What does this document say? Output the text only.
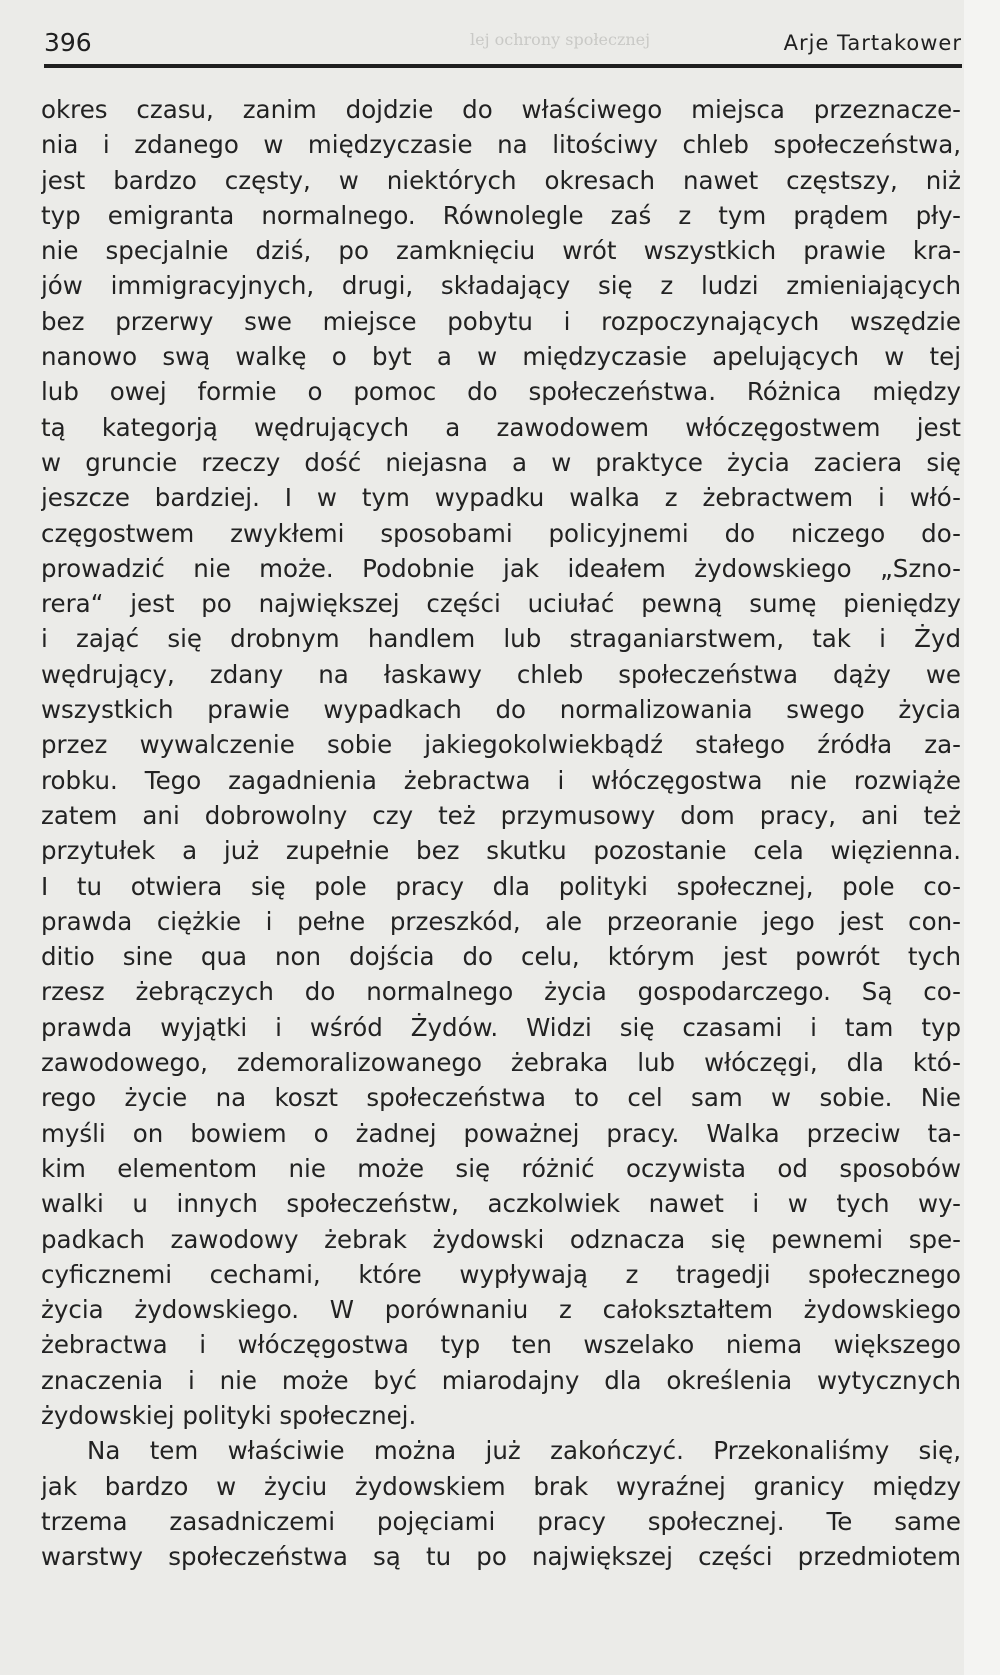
lej ochrony społecznej
396	Arje Tartakower
okres czasu, zanim dojdzie do właściwego miejsca przeznacze-
nia i zdanego w międzyczasie na litościwy chleb społeczeństwa,
jest bardzo częsty, w niektórych okresach nawet częstszy, niż
typ emigranta normalnego. Równolegle zaś z tym prądem pły-
nie specjalnie dziś, po zamknięciu wrót wszystkich prawie kra-
jów immigracyjnych, drugi, składający się z ludzi zmieniających
bez przerwy swe miejsce pobytu i rozpoczynających wszędzie
nanowo swą walkę o byt a w międzyczasie apelujących w tej
lub owej formie o pomoc do społeczeństwa. Różnica między
tą kategorją wędrujących a zawodowem włóczęgostwem jest
w gruncie rzeczy dość niejasna a w praktyce życia zaciera się
jeszcze bardziej. I w tym wypadku walka z żebractwem i włó-
częgostwem zwykłemi sposobami policyjnemi do niczego do-
prowadzić nie może. Podobnie jak ideałem żydowskiego „Szno-
rera“ jest po największej części uciułać pewną sumę pieniędzy
i zająć się drobnym handlem lub straganiarstwem, tak i Żyd
wędrujący, zdany na łaskawy chleb społeczeństwa dąży we
wszystkich prawie wypadkach do normalizowania swego życia
przez wywalczenie sobie jakiegokolwiekbądź stałego źródła za-
robku. Tego zagadnienia żebractwa i włóczęgostwa nie rozwiąże
zatem ani dobrowolny czy też przymusowy dom pracy, ani też
przytułek a już zupełnie bez skutku pozostanie cela więzienna.
I tu otwiera się pole pracy dla polityki społecznej, pole co-
prawda ciężkie i pełne przeszkód, ale przeoranie jego jest con-
ditio sine qua non dojścia do celu, którym jest powrót tych
rzesz żebrączych do normalnego życia gospodarczego. Są co-
prawda wyjątki i wśród Żydów. Widzi się czasami i tam typ
zawodowego, zdemoralizowanego żebraka lub włóczęgi, dla któ-
rego życie na koszt społeczeństwa to cel sam w sobie. Nie
myśli on bowiem o żadnej poważnej pracy. Walka przeciw ta-
kim elementom nie może się różnić oczywista od sposobów
walki u innych społeczeństw, aczkolwiek nawet i w tych wy-
padkach zawodowy żebrak żydowski odznacza się pewnemi spe-
cyficznemi cechami, które wypływają z tragedji społecznego
życia żydowskiego. W porównaniu z całokształtem żydowskiego
żebractwa i włóczęgostwa typ ten wszelako niema większego
znaczenia i nie może być miarodajny dla określenia wytycznych
żydowskiej polityki społecznej.
Na tem właściwie można już zakończyć. Przekonaliśmy się,
jak bardzo w życiu żydowskiem brak wyraźnej granicy między
trzema zasadniczemi pojęciami pracy społecznej. Te same
warstwy społeczeństwa są tu po największej części przedmiotem
